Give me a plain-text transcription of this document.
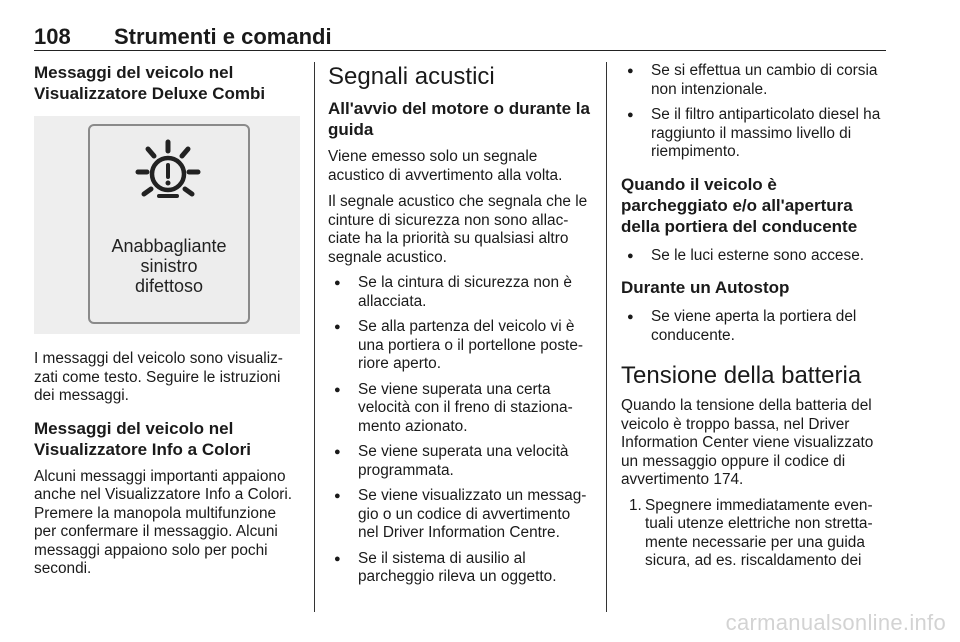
108 Strumenti e comandi
Messaggi del veicolo nel Visualizzatore Deluxe Combi
Anabbagliante
sinistro
difettoso

I messaggi del veicolo sono visualiz-zati come testo. Seguire le istruzioni dei messaggi.

Messaggi del veicolo nel Visualizzatore Info a Colori

Alcuni messaggi importanti appaiono anche nel Visualizzatore Info a Colori. Premere la manopola multifunzione per confermare il messaggio. Alcuni messaggi appaiono solo per pochi secondi.

Segnali acustici
All'avvio del motore o durante la guida

Viene emesso solo un segnale acustico di avvertimento alla volta.

Il segnale acustico che segnala che le cinture di sicurezza non sono allac-ciate ha la priorità su qualsiasi altro segnale acustico.

● Se la cintura di sicurezza non è allacciata.
● Se alla partenza del veicolo vi è una portiera o il portellone poste-riore aperto.
● Se viene superata una certa velocità con il freno di staziona-mento azionato.
● Se viene superata una velocità programmata.
● Se viene visualizzato un messag-gio o un codice di avvertimento nel Driver Information Centre.
● Se il sistema di ausilio al parcheggio rileva un oggetto.
● Se si effettua un cambio di corsia non intenzionale.
● Se il filtro antiparticolato diesel ha raggiunto il massimo livello di riempimento.
Quando il veicolo è parcheggiato e/o all'apertura della portiera del conducente
● Se le luci esterne sono accese.
Durante un Autostop
● Se viene aperta la portiera del conducente.
Tensione della batteria

Quando la tensione della batteria del veicolo è troppo bassa, nel Driver Information Center viene visualizzato un messaggio oppure il codice di avvertimento 174.

1. Spegnere immediatamente even-tuali utenze elettriche non stretta-mente necessarie per una guida sicura, ad es. riscaldamento dei
carmanualsonline.info
